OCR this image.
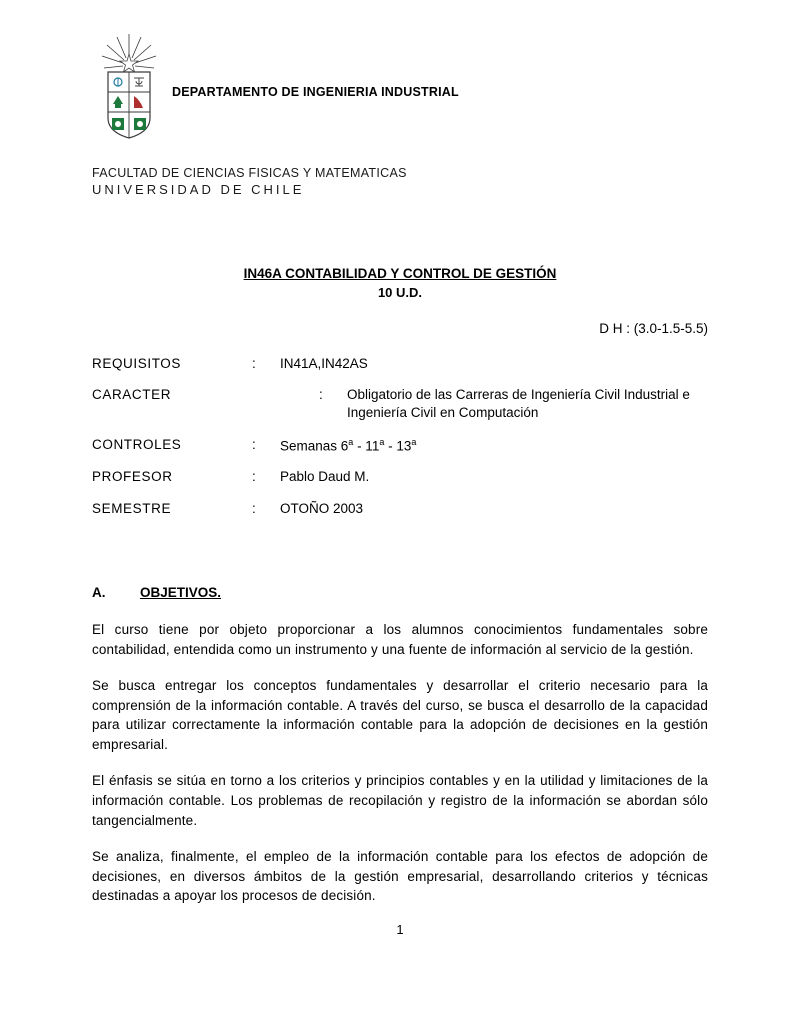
DEPARTAMENTO DE INGENIERIA INDUSTRIAL
FACULTAD DE CIENCIAS FISICAS Y MATEMATICAS
UNIVERSIDAD DE CHILE
IN46A CONTABILIDAD Y CONTROL DE GESTIÓN
10 U.D.
D H : (3.0-1.5-5.5)
REQUISITOS	: IN41A,IN42AS
CARACTER	: Obligatorio de las Carreras de Ingeniería Civil Industrial e Ingeniería Civil en Computación
CONTROLES	: Semanas 6$^a$ - 11$^a$ - 13$^a$
PROFESOR	: Pablo Daud M.
SEMESTRE	: OTOÑO 2003
A.	OBJETIVOS.

El curso tiene por objeto proporcionar a los alumnos conocimientos fundamentales sobre contabilidad, entendida como un instrumento y una fuente de información al servicio de la gestión.

Se busca entregar los conceptos fundamentales y desarrollar el criterio necesario para la comprensión de la información contable. A través del curso, se busca el desarrollo de la capacidad para utilizar correctamente la información contable para la adopción de decisiones en la gestión empresarial.

El énfasis se sitúa en torno a los criterios y principios contables y en la utilidad y limitaciones de la información contable. Los problemas de recopilación y registro de la información se abordan sólo tangencialmente.

Se analiza, finalmente, el empleo de la información contable para los efectos de adopción de decisiones, en diversos ámbitos de la gestión empresarial, desarrollando criterios y técnicas destinadas a apoyar los procesos de decisión.

1
